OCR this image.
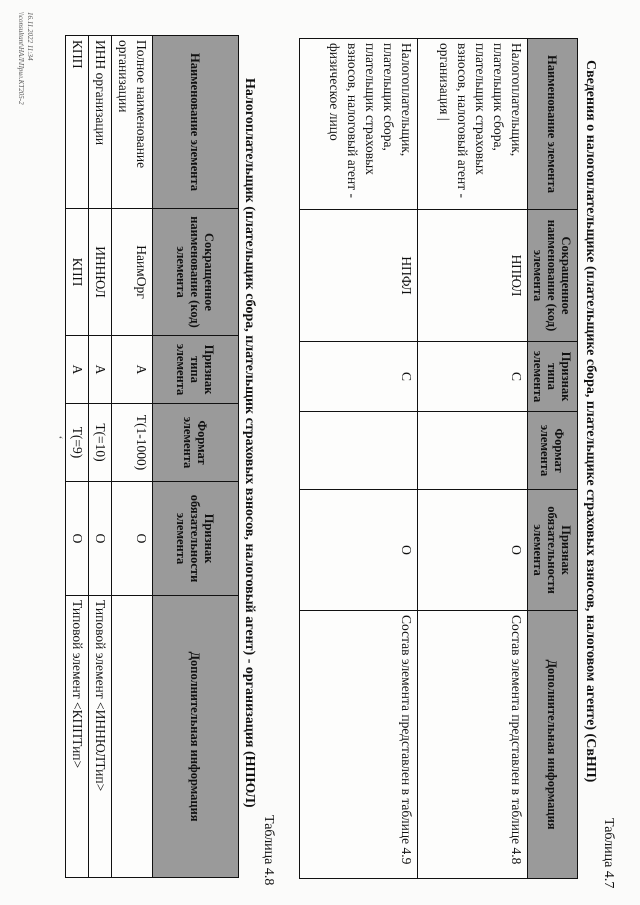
‘
Таблица 4.7
Сведения о налогоплательщике (плательщике сбора, плательщике страховых взносов, налоговом агенте) (СвНП)
Наименование элемента	Сокращенное наименование (код) элемента	Признак типа элемента	Формат элемента	Признак обязательности элемента	Дополнительная информация
Налогоплательщик, плательщик сбора, плательщик страховых взносов, налоговый агент - организация |	НПЮЛ	С		О	Состав элемента представлен в таблице 4.8
Налогоплательщик, плательщик сбора, плательщик страховых взносов, налоговый агент - физическое лицо	НПФЛ	С		О	Состав элемента представлен в таблице 4.9
Таблица 4.8
Налогоплательщик (плательщик сбора, плательщик страховых взносов, налоговый агент) - организация (НПЮЛ)
Наименование элемента	Сокращенное наименование (код) элемента	Признак типа элемента	Формат элемента	Признак обязательности элемента	Дополнительная информация
Полное наименование организации	НаимОрг	А	T(1-1000)	О	
ИНН организации	ИННЮЛ	А	T(=10)	О	Типовой элемент <ИННЮЛТип>
КПП	КПП	А	T(=9)	О	Типовой элемент <КППТип>
16.11.2022 11:34
\\consultant\НАЛ\Прил.КТ205-2
